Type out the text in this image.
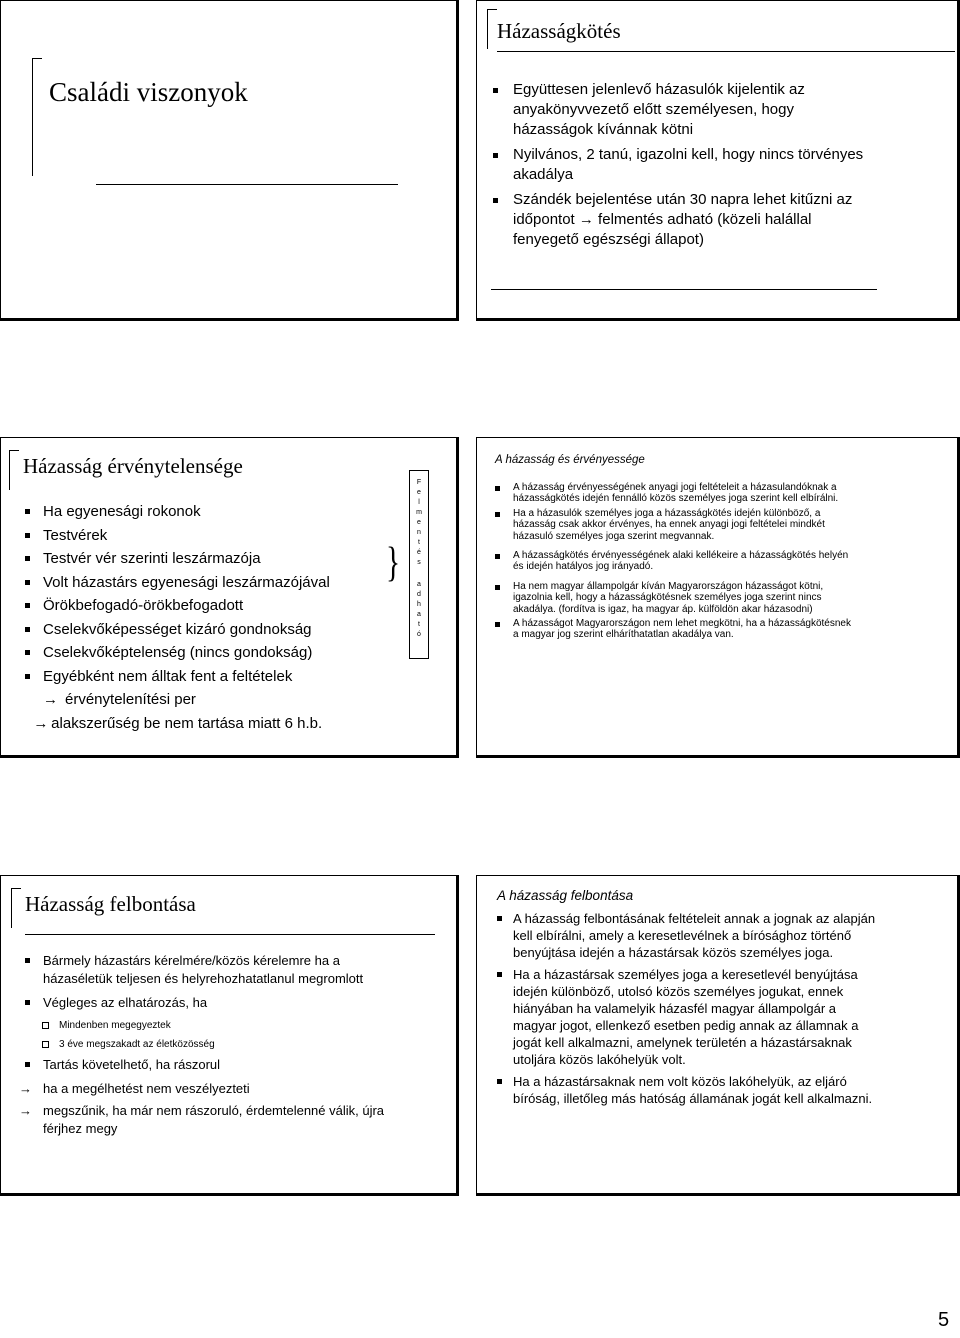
Családi viszonyok
Házasságkötés
Együttesen jelenlevő házasulók kijelentik az anyakönyvvezető előtt személyesen, hogy házasságok kívánnak kötni
Nyilvános, 2 tanú, igazolni kell, hogy nincs törvényes akadálya
Szándék bejelentése után 30 napra lehet kitűzni az időpontot → felmentés adható (közeli halállal fenyegető egészségi állapot)
Házasság érvénytelensége
Ha egyenesági rokonok
Testvérek
Testvér vér szerinti leszármazója
Volt házastárs egyenesági leszármazójával
Örökbefogadó-örökbefogadott
Cselekvőképességet kizáró gondnokság
Cselekvőképtelenség (nincs gondokság)
Egyébként nem álltak fent a feltételek
→ érvénytelenítési per
→ alakszerűség be nem tartása miatt 6 h.b.
}
F
e
l
m
e
n
t
é
s
a
d
h
a
t
ó
A házasság és érvényessége
A házasság érvényességének anyagi jogi feltételeit a házasulandóknak a házasságkötés idején fennálló közös személyes joga szerint kell elbírálni.
Ha a házasulók személyes joga a házasságkötés idején különböző, a házasság csak akkor érvényes, ha ennek anyagi jogi feltételei mindkét házasuló személyes joga szerint megvannak.
A házasságkötés érvényességének alaki kellékeire a házasságkötés helyén és idején hatályos jog irányadó.
Ha nem magyar állampolgár kíván Magyarországon házasságot kötni, igazolnia kell, hogy a házasságkötésnek személyes joga szerint nincs akadálya. (fordítva is igaz, ha magyar áp. külföldön akar házasodni)
A házasságot Magyarországon nem lehet megkötni, ha a házasságkötésnek a magyar jog szerint elháríthatatlan akadálya van.
Házasság felbontása
Bármely házastárs kérelmére/közös kérelemre ha a házaséletük teljesen és helyrehozhatatlanul megromlott
Végleges az elhatározás, ha
Mindenben megegyeztek
3 éve megszakadt az életközösség
Tartás követelhető, ha rászorul
→ ha a megélhetést nem veszélyezteti
→ megszűnik, ha már nem rászoruló, érdemtelenné válik, újra férjhez megy
A házasság felbontása
A házasság felbontásának feltételeit annak a jognak az alapján kell elbírálni, amely a keresetlevélnek a bírósághoz történő benyújtása idején a házastársak közös személyes joga.
Ha a házastársak személyes joga a keresetlevél benyújtása idején különböző, utolsó közös személyes jogukat, ennek hiányában ha valamelyik házasfél magyar állampolgár a magyar jogot, ellenkező esetben pedig annak az államnak a jogát kell alkalmazni, amelynek területén a házastársaknak utoljára közös lakóhelyük volt.
Ha a házastársaknak nem volt közös lakóhelyük, az eljáró bíróság, illetőleg más hatóság államának jogát kell alkalmazni.
5
